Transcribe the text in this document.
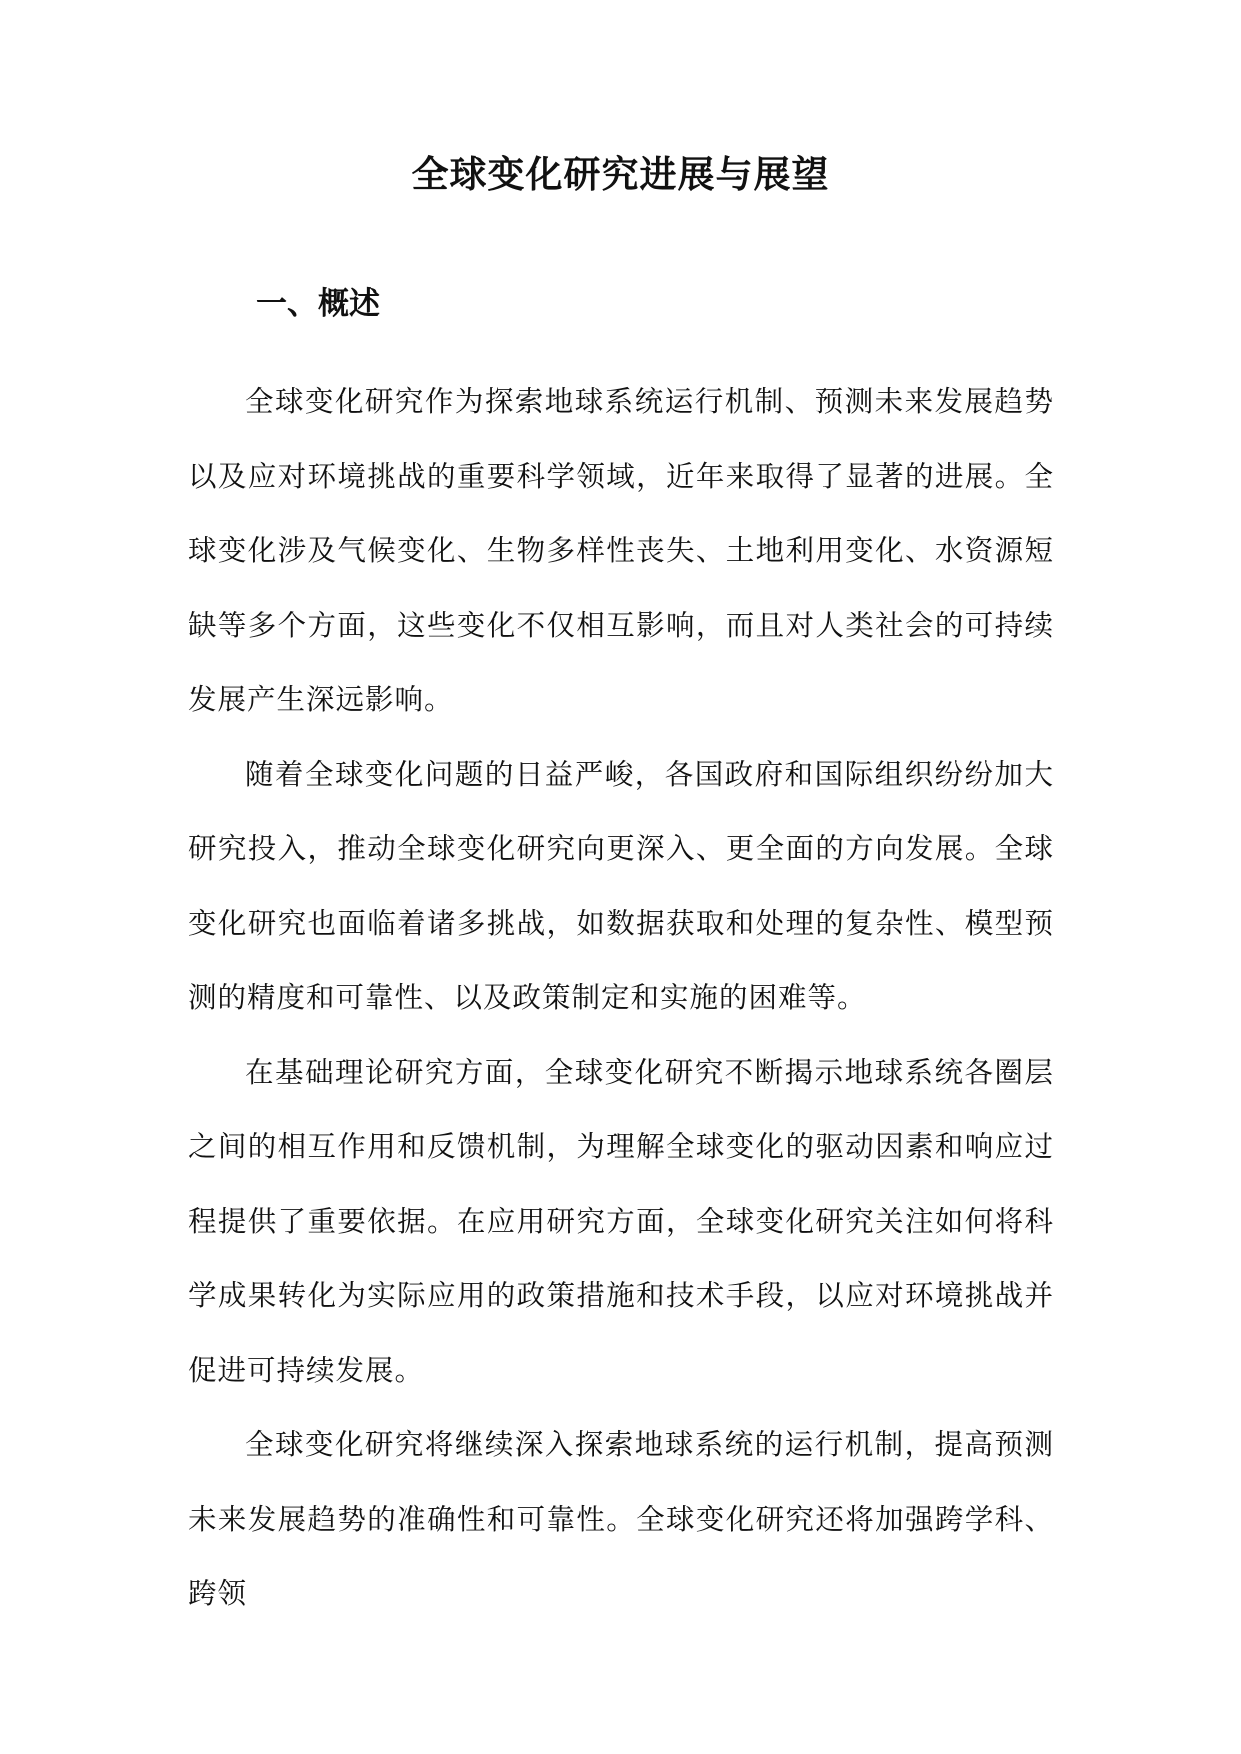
全球变化研究进展与展望
一、概述

全球变化研究作为探索地球系统运行机制、预测未来发展趋势以及应对环境挑战的重要科学领域，近年来取得了显著的进展。全球变化涉及气候变化、生物多样性丧失、土地利用变化、水资源短缺等多个方面，这些变化不仅相互影响，而且对人类社会的可持续发展产生深远影响。

随着全球变化问题的日益严峻，各国政府和国际组织纷纷加大研究投入，推动全球变化研究向更深入、更全面的方向发展。全球变化研究也面临着诸多挑战，如数据获取和处理的复杂性、模型预测的精度和可靠性、以及政策制定和实施的困难等。

在基础理论研究方面，全球变化研究不断揭示地球系统各圈层之间的相互作用和反馈机制，为理解全球变化的驱动因素和响应过程提供了重要依据。在应用研究方面，全球变化研究关注如何将科学成果转化为实际应用的政策措施和技术手段，以应对环境挑战并促进可持续发展。

全球变化研究将继续深入探索地球系统的运行机制，提高预测未来发展趋势的准确性和可靠性。全球变化研究还将加强跨学科、跨领
